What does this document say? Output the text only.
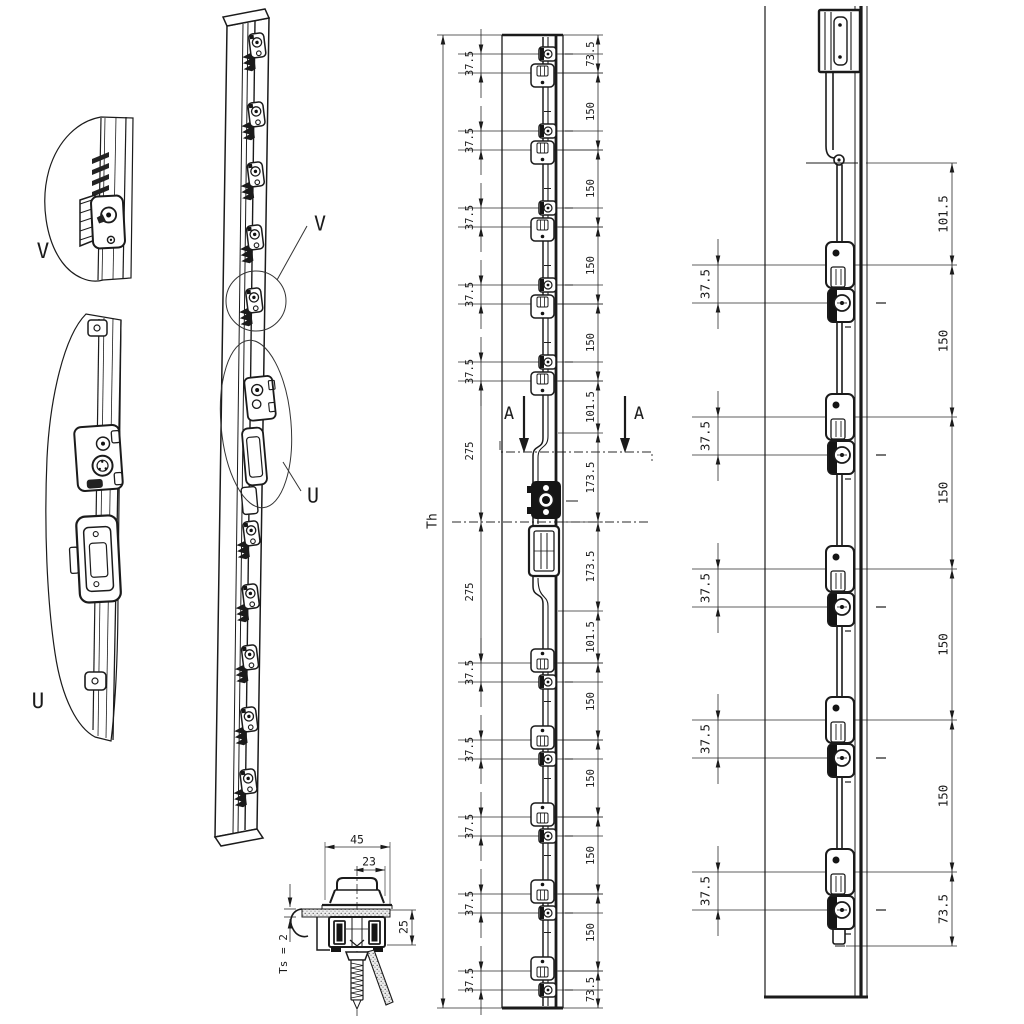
37.5
37.5
37.5
37.5
37.5
37.5
37.5
37.5
37.5
37.5
275
275
Th
73.5
150
150
150
150
101.5
173.5
173.5
101.5
150
150
150
150
73.5
A	A
37.5
37.5
37.5
37.5
37.5
101.5
150
150
150
150
73.5
45
23
25
Ts = 2
V
U
V
U
